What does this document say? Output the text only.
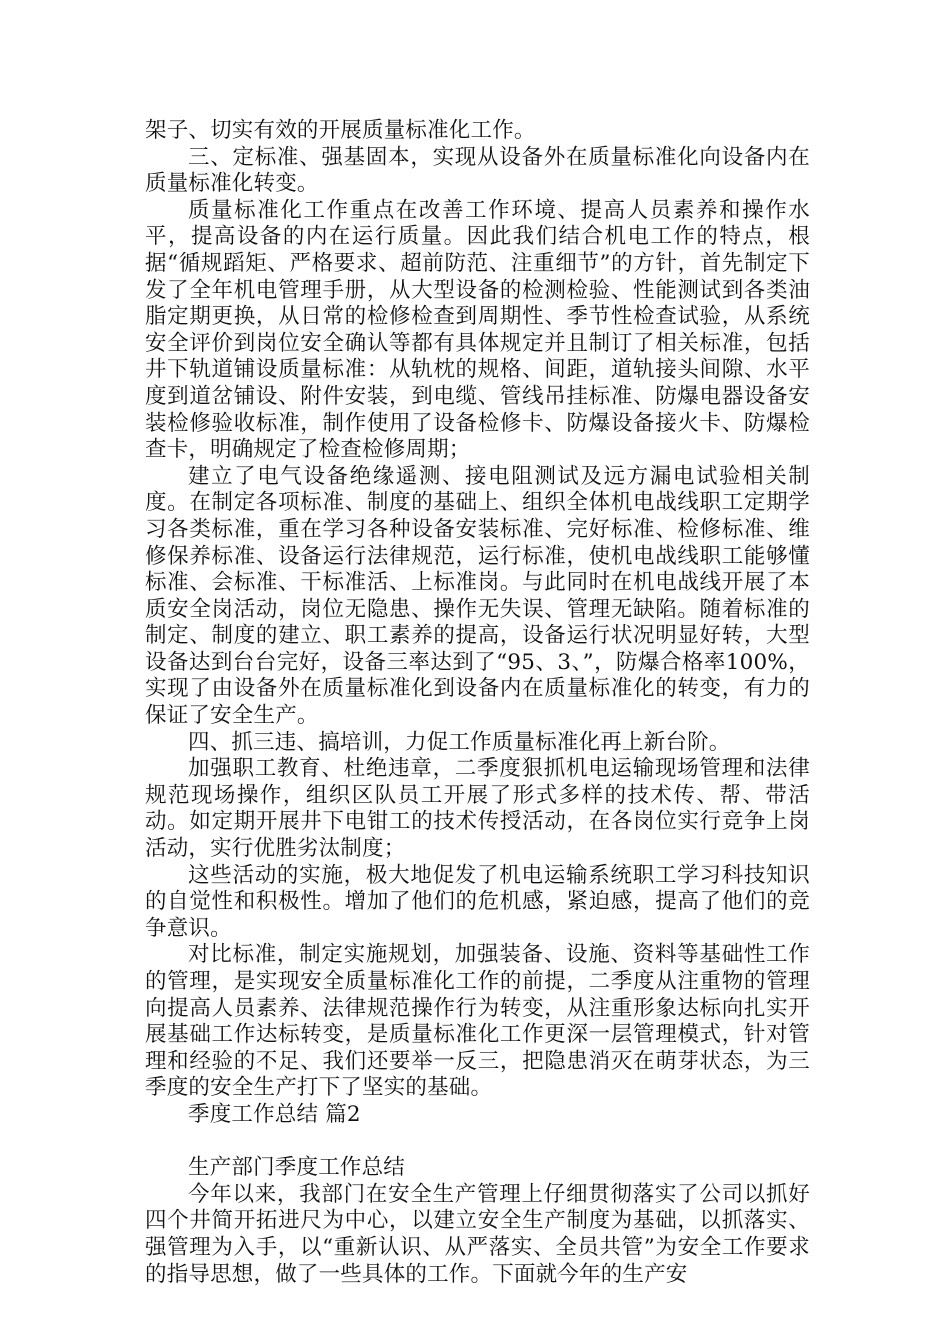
架子、切实有效的开展质量标准化工作。

三、定标准、强基固本，实现从设备外在质量标准化向设备内在质量标准化转变。

质量标准化工作重点在改善工作环境、提高人员素养和操作水平，提高设备的内在运行质量。因此我们结合机电工作的特点，根据“循规蹈矩、严格要求、超前防范、注重细节”的方针，首先制定下发了全年机电管理手册，从大型设备的检测检验、性能测试到各类油脂定期更换，从日常的检修检查到周期性、季节性检查试验，从系统安全评价到岗位安全确认等都有具体规定并且制订了相关标准，包括井下轨道铺设质量标准：从轨枕的规格、间距，道轨接头间隙、水平度到道岔铺设、附件安装，到电缆、管线吊挂标准、防爆电器设备安装检修验收标准，制作使用了设备检修卡、防爆设备接火卡、防爆检查卡，明确规定了检查检修周期；

建立了电气设备绝缘遥测、接电阻测试及远方漏电试验相关制度。在制定各项标准、制度的基础上、组织全体机电战线职工定期学习各类标准，重在学习各种设备安装标准、完好标准、检修标准、维修保养标准、设备运行法律规范，运行标准，使机电战线职工能够懂标准、会标准、干标准活、上标准岗。与此同时在机电战线开展了本质安全岗活动，岗位无隐患、操作无失误、管理无缺陷。随着标准的制定、制度的建立、职工素养的提高，设备运行状况明显好转，大型设备达到台台完好，设备三率达到了“95、3、”，防爆合格率100%，实现了由设备外在质量标准化到设备内在质量标准化的转变，有力的保证了安全生产。

四、抓三违、搞培训，力促工作质量标准化再上新台阶。

加强职工教育、杜绝违章，二季度狠抓机电运输现场管理和法律规范现场操作，组织区队员工开展了形式多样的技术传、帮、带活动。如定期开展井下电钳工的技术传授活动，在各岗位实行竞争上岗活动，实行优胜劣汰制度；

这些活动的实施，极大地促发了机电运输系统职工学习科技知识的自觉性和积极性。增加了他们的危机感，紧迫感，提高了他们的竞争意识。

对比标准，制定实施规划，加强装备、设施、资料等基础性工作的管理，是实现安全质量标准化工作的前提，二季度从注重物的管理向提高人员素养、法律规范操作行为转变，从注重形象达标向扎实开展基础工作达标转变，是质量标准化工作更深一层管理模式，针对管理和经验的不足、我们还要举一反三，把隐患消灭在萌芽状态，为三季度的安全生产打下了坚实的基础。

季度工作总结 篇2

生产部门季度工作总结

今年以来，我部门在安全生产管理上仔细贯彻落实了公司以抓好四个井简开拓进尺为中心，以建立安全生产制度为基础，以抓落实、强管理为入手，以“重新认识、从严落实、全员共管”为安全工作要求的指导思想，做了一些具体的工作。下面就今年的生产安
